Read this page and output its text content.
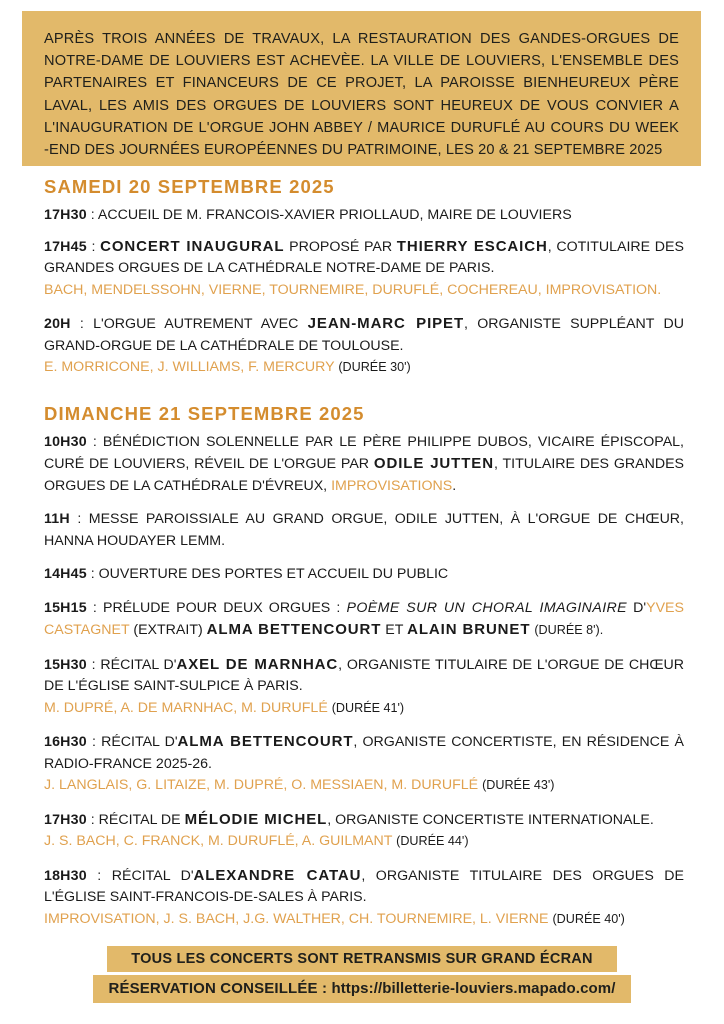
APRÈS TROIS ANNÉES DE TRAVAUX, LA RESTAURATION DES GANDES-ORGUES DE

NOTRE-DAME DE LOUVIERS EST ACHEVÈE. LA VILLE DE LOUVIERS, L'ENSEMBLE DES

PARTENAIRES ET FINANCEURS DE CE PROJET, LA PAROISSE BIENHEUREUX PÈRE

LAVAL, LES AMIS DES ORGUES DE LOUVIERS SONT HEUREUX DE VOUS CONVIER A

L'INAUGURATION DE L'ORGUE JOHN ABBEY / MAURICE DURUFLÉ AU COURS DU WEEK

-END DES JOURNÉES EUROPÉENNES DU PATRIMOINE, LES 20 & 21 SEPTEMBRE 2025

SAMEDI 20 SEPTEMBRE 2025

17H30 : ACCUEIL DE M. FRANCOIS-XAVIER PRIOLLAUD, MAIRE DE LOUVIERS

17H45 : CONCERT INAUGURAL PROPOSÉ PAR THIERRY ESCAICH, COTITULAIRE DES GRANDES ORGUES DE LA CATHÉDRALE NOTRE-DAME DE PARIS.
BACH, MENDELSSOHN, VIERNE, TOURNEMIRE, DURUFLÉ, COCHEREAU, IMPROVISATION.

20H : L'ORGUE AUTREMENT AVEC JEAN-MARC PIPET, ORGANISTE SUPPLÉANT DU GRAND-ORGUE DE LA CATHÉDRALE DE TOULOUSE.
E. MORRICONE, J. WILLIAMS, F. MERCURY (DURÉE 30')

DIMANCHE 21 SEPTEMBRE 2025

10H30 : BÉNÉDICTION SOLENNELLE PAR LE PÈRE PHILIPPE DUBOS, VICAIRE ÉPISCOPAL, CURÉ DE LOUVIERS, RÉVEIL DE L'ORGUE PAR ODILE JUTTEN, TITULAIRE DES GRANDES ORGUES DE LA CATHÉDRALE D'ÉVREUX, IMPROVISATIONS.

11H : MESSE PAROISSIALE AU GRAND ORGUE, ODILE JUTTEN, À L'ORGUE DE CHŒUR, HANNA HOUDAYER LEMM.

14H45 : OUVERTURE DES PORTES ET ACCUEIL DU PUBLIC

15H15 : PRÉLUDE POUR DEUX ORGUES : POÈME SUR UN CHORAL IMAGINAIRE D'YVES CASTAGNET (EXTRAIT) ALMA BETTENCOURT ET ALAIN BRUNET (DURÉE 8').

15H30 : RÉCITAL D'AXEL DE MARNHAC, ORGANISTE TITULAIRE DE L'ORGUE DE CHŒUR DE L'ÉGLISE SAINT-SULPICE À PARIS.
M. DUPRÉ, A. DE MARNHAC, M. DURUFLÉ (DURÉE 41')

16H30 : RÉCITAL D'ALMA BETTENCOURT, ORGANISTE CONCERTISTE, EN RÉSIDENCE À RADIO-FRANCE 2025-26.
J. LANGLAIS, G. LITAIZE, M. DUPRÉ, O. MESSIAEN, M. DURUFLÉ (DURÉE 43')

17H30 : RÉCITAL DE MÉLODIE MICHEL, ORGANISTE CONCERTISTE INTERNATIONALE.
J. S. BACH, C. FRANCK, M. DURUFLÉ, A. GUILMANT (DURÉE 44')

18H30 : RÉCITAL D'ALEXANDRE CATAU, ORGANISTE TITULAIRE DES ORGUES DE L'ÉGLISE SAINT-FRANCOIS-DE-SALES À PARIS.
IMPROVISATION, J. S. BACH, J.G. WALTHER, CH. TOURNEMIRE, L. VIERNE (DURÉE 40')

TOUS LES CONCERTS SONT RETRANSMIS SUR GRAND ÉCRAN
RÉSERVATION CONSEILLÉE : https://billetterie-louviers.mapado.com/
